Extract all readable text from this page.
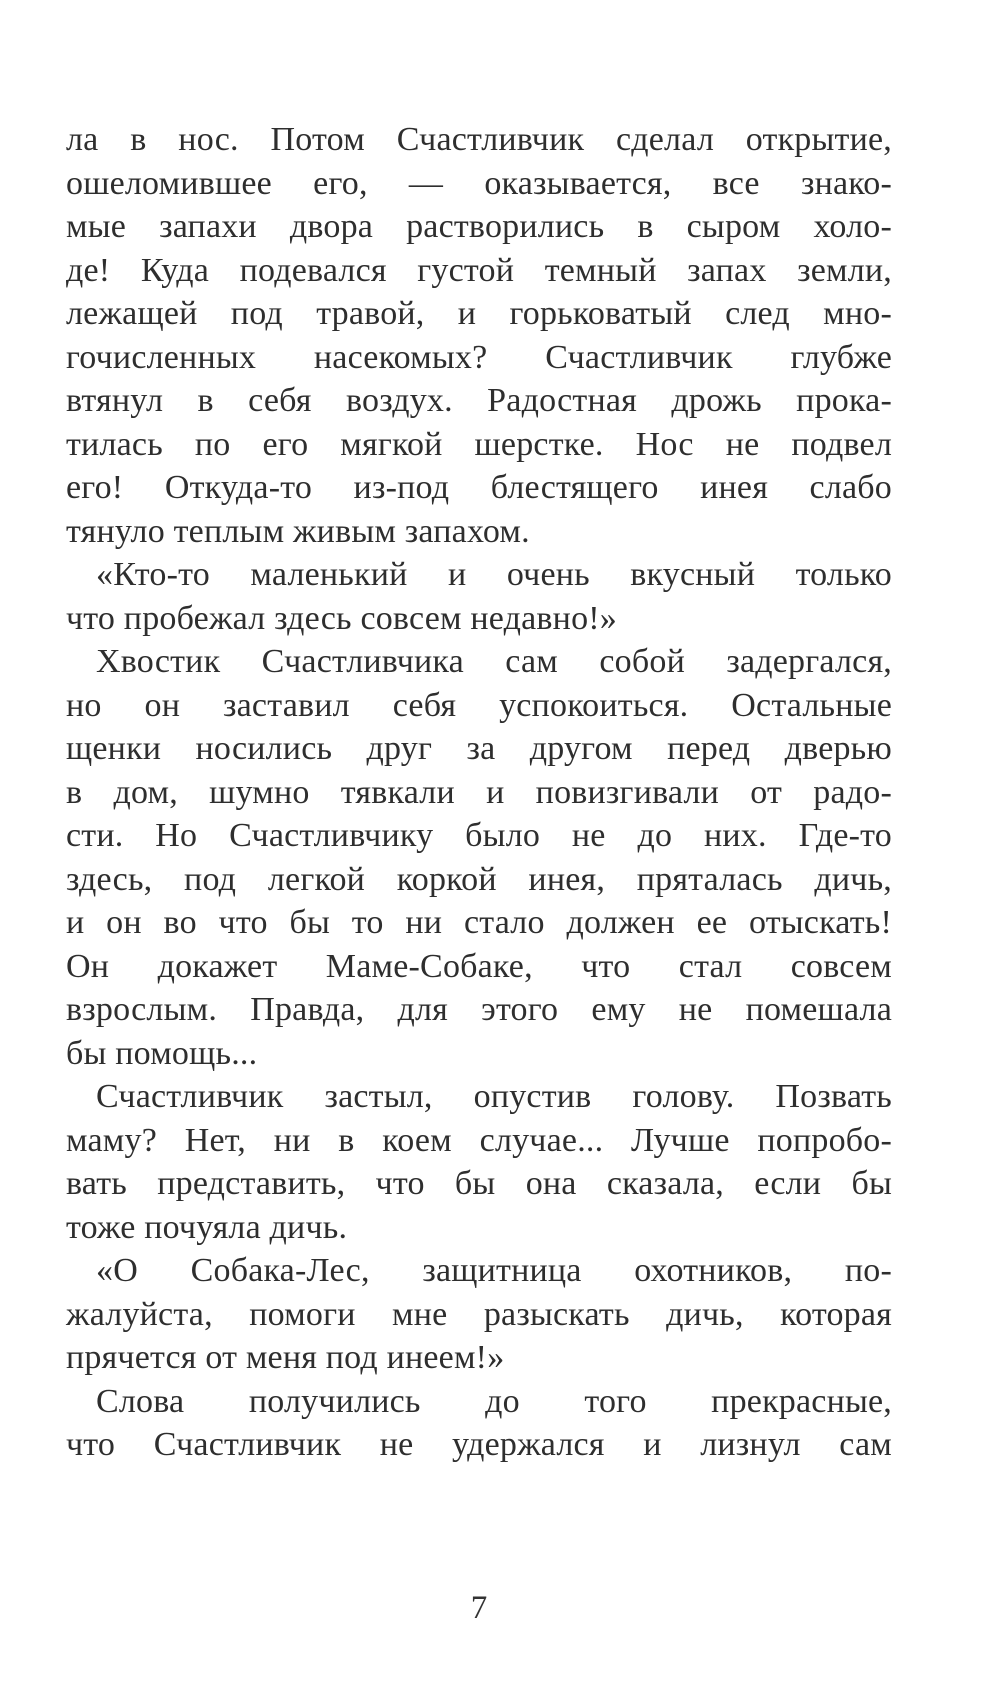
ла в нос. Потом Счастливчик сделал открытие,
ошеломившее его, — оказывается, все знако-
мые запахи двора растворились в сыром холо-
де! Куда подевался густой темный запах земли,
лежащей под травой, и горьковатый след мно-
гочисленных насекомых? Счастливчик глубже
втянул в себя воздух. Радостная дрожь прока-
тилась по его мягкой шерстке. Нос не подвел
его! Откуда-то из-под блестящего инея слабо
тянуло теплым живым запахом.
«Кто-то маленький и очень вкусный только
что пробежал здесь совсем недавно!»
Хвостик Счастливчика сам собой задергался,
но он заставил себя успокоиться. Остальные
щенки носились друг за другом перед дверью
в дом, шумно тявкали и повизгивали от радо-
сти. Но Счастливчику было не до них. Где-то
здесь, под легкой коркой инея, пряталась дичь,
и он во что бы то ни стало должен ее отыскать!
Он докажет Маме-Собаке, что стал совсем
взрослым. Правда, для этого ему не помешала
бы помощь...
Счастливчик застыл, опустив голову. Позвать
маму? Нет, ни в коем случае... Лучше попробо-
вать представить, что бы она сказала, если бы
тоже почуяла дичь.
«О Собака-Лес, защитница охотников, по-
жалуйста, помоги мне разыскать дичь, которая
прячется от меня под инеем!»
Слова получились до того прекрасные,
что Счастливчик не удержался и лизнул сам
7
